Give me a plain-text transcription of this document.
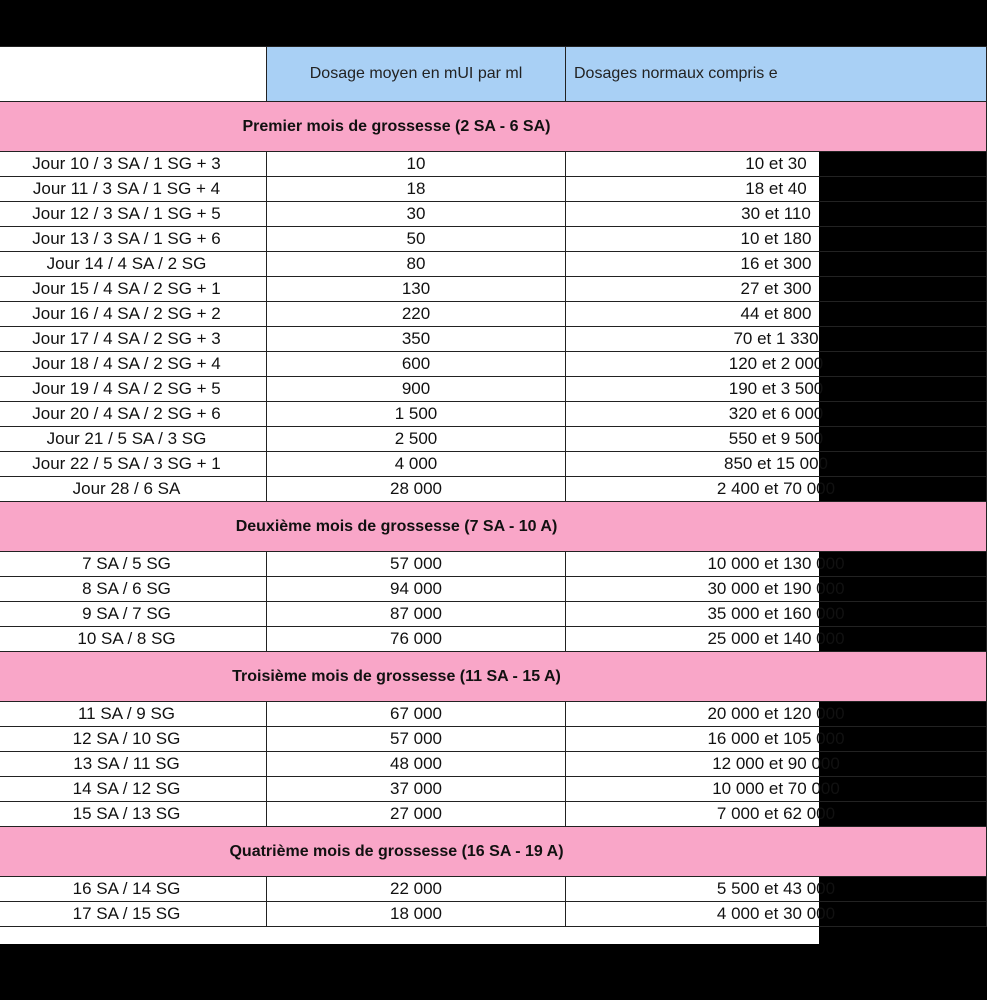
	Dosage moyen en mUI par ml	Dosages normaux compris e
Premier mois de grossesse (2 SA - 6 SA)		
Jour 10 / 3 SA / 1 SG + 3	10	10 et 30
Jour 11 / 3 SA / 1 SG + 4	18	18 et 40
Jour 12 / 3 SA / 1 SG + 5	30	30 et 110
Jour 13 / 3 SA / 1 SG + 6	50	10 et 180
Jour 14 / 4 SA / 2 SG	80	16 et 300
Jour 15 / 4 SA / 2 SG + 1	130	27 et 300
Jour 16 / 4 SA / 2 SG + 2	220	44 et 800
Jour 17 / 4 SA / 2 SG + 3	350	70 et 1 330
Jour 18 / 4 SA / 2 SG + 4	600	120 et 2 000
Jour 19 / 4 SA / 2 SG + 5	900	190 et 3 500
Jour 20 / 4 SA / 2 SG + 6	1 500	320 et 6 000
Jour 21 / 5 SA / 3 SG	2 500	550 et 9 500
Jour 22 / 5 SA / 3 SG + 1	4 000	850 et 15 000
Jour 28 / 6 SA	28 000	2 400 et 70 000
Deuxième mois de grossesse (7 SA - 10 A)		
7 SA / 5 SG	57 000	10 000 et 130 000
8 SA / 6 SG	94 000	30 000 et 190 000
9 SA / 7 SG	87 000	35 000 et 160 000
10 SA / 8 SG	76 000	25 000 et 140 000
Troisième mois de grossesse (11 SA - 15 A)		
11 SA / 9 SG	67 000	20 000 et 120 000
12 SA / 10 SG	57 000	16 000 et 105 000
13 SA / 11 SG	48 000	12 000 et 90 000
14 SA / 12 SG	37 000	10 000 et 70 000
15 SA / 13 SG	27 000	7 000 et 62 000
Quatrième mois de grossesse (16 SA - 19 A)		
16 SA / 14 SG	22 000	5 500 et 43 000
17 SA / 15 SG	18 000	4 000 et 30 000
